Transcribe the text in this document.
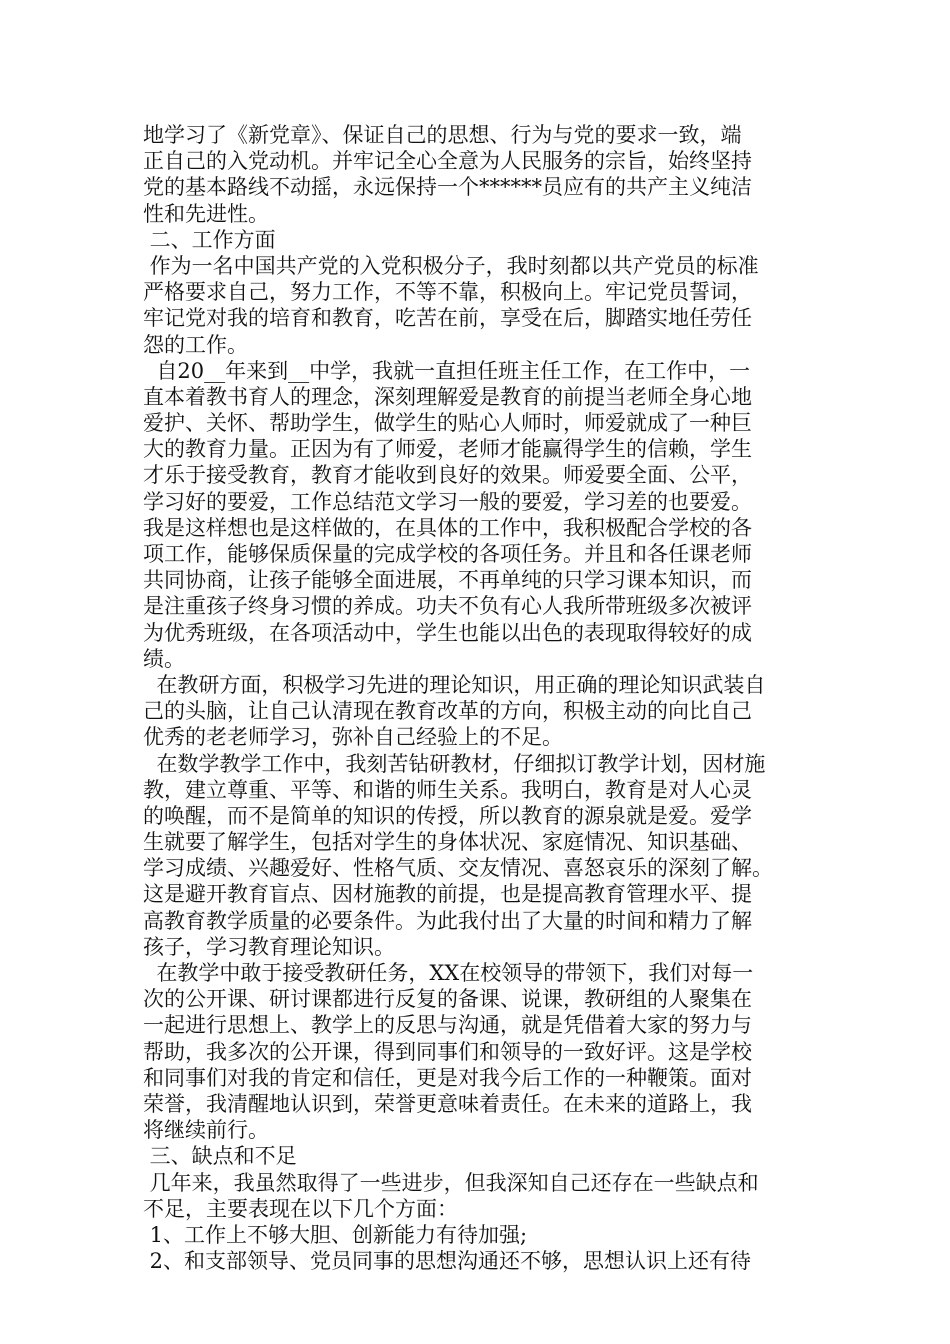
地学习了《新党章》、保证自己的思想、行为与党的要求一致，端
正自己的入党动机。并牢记全心全意为人民服务的宗旨，始终坚持
党的基本路线不动摇，永远保持一个******员应有的共产主义纯洁
性和先进性。
二、工作方面
作为一名中国共产党的入党积极分子，我时刻都以共产党员的标准
严格要求自己，努力工作，不等不靠，积极向上。牢记党员誓词，
牢记党对我的培育和教育，吃苦在前，享受在后，脚踏实地任劳任
怨的工作。
自20__年来到__中学，我就一直担任班主任工作，在工作中，一
直本着教书育人的理念，深刻理解爱是教育的前提当老师全身心地
爱护、关怀、帮助学生，做学生的贴心人师时，师爱就成了一种巨
大的教育力量。正因为有了师爱，老师才能赢得学生的信赖，学生
才乐于接受教育，教育才能收到良好的效果。师爱要全面、公平，
学习好的要爱，工作总结范文学习一般的要爱，学习差的也要爱。
我是这样想也是这样做的，在具体的工作中，我积极配合学校的各
项工作，能够保质保量的完成学校的各项任务。并且和各任课老师
共同协商，让孩子能够全面进展，不再单纯的只学习课本知识，而
是注重孩子终身习惯的养成。功夫不负有心人我所带班级多次被评
为优秀班级，在各项活动中，学生也能以出色的表现取得较好的成
绩。
在教研方面，积极学习先进的理论知识，用正确的理论知识武装自
己的头脑，让自己认清现在教育改革的方向，积极主动的向比自己
优秀的老老师学习，弥补自己经验上的不足。
在数学教学工作中，我刻苦钻研教材，仔细拟订教学计划，因材施
教，建立尊重、平等、和谐的师生关系。我明白，教育是对人心灵
的唤醒，而不是简单的知识的传授，所以教育的源泉就是爱。爱学
生就要了解学生，包括对学生的身体状况、家庭情况、知识基础、
学习成绩、兴趣爱好、性格气质、交友情况、喜怒哀乐的深刻了解。
这是避开教育盲点、因材施教的前提，也是提高教育管理水平、提
高教育教学质量的必要条件。为此我付出了大量的时间和精力了解
孩子，学习教育理论知识。
在教学中敢于接受教研任务，XX在校领导的带领下，我们对每一
次的公开课、研讨课都进行反复的备课、说课，教研组的人聚集在
一起进行思想上、教学上的反思与沟通，就是凭借着大家的努力与
帮助，我多次的公开课，得到同事们和领导的一致好评。这是学校
和同事们对我的肯定和信任，更是对我今后工作的一种鞭策。面对
荣誉，我清醒地认识到，荣誉更意味着责任。在未来的道路上，我
将继续前行。
三、缺点和不足
几年来，我虽然取得了一些进步，但我深知自己还存在一些缺点和
不足，主要表现在以下几个方面：
1、工作上不够大胆、创新能力有待加强;
2、和支部领导、党员同事的思想沟通还不够，思想认识上还有待
